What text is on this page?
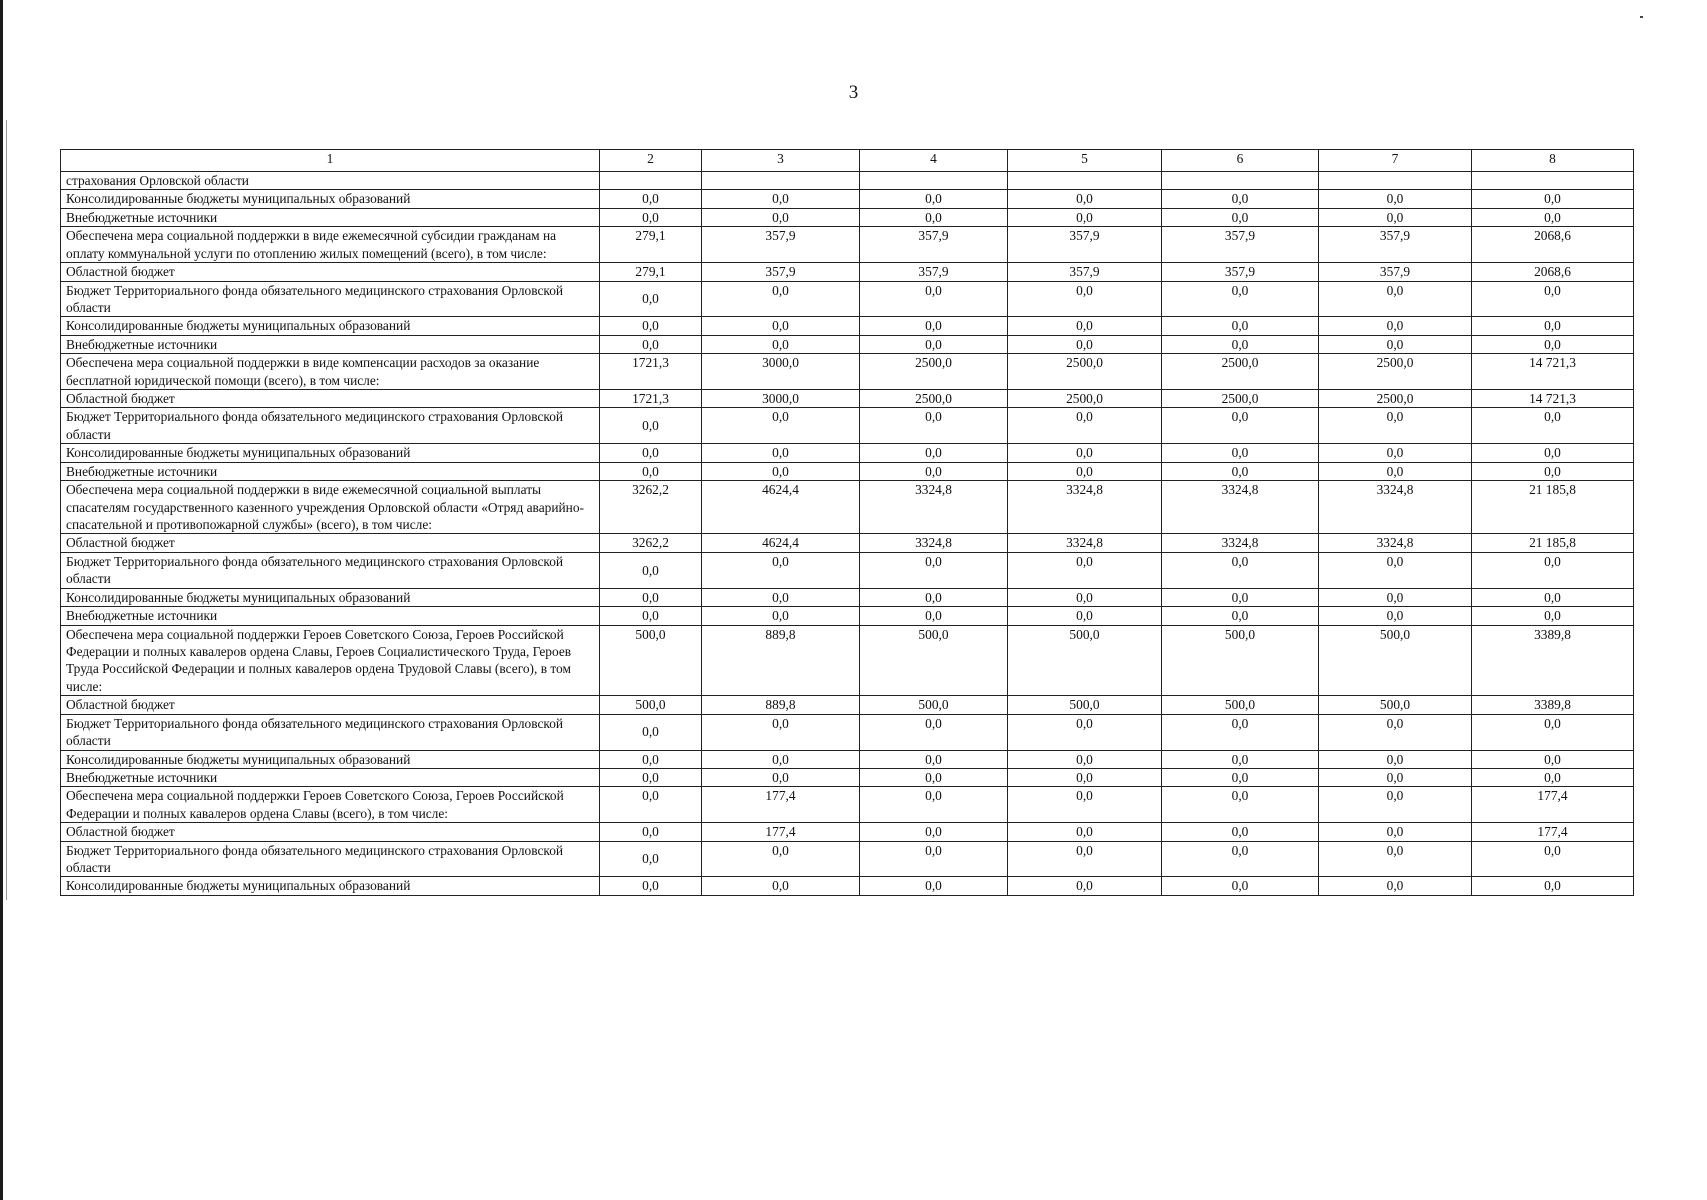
3
1	2	3	4	5	6	7	8
страхования Орловской области							
Консолидированные бюджеты муниципальных образований	0,0	0,0	0,0	0,0	0,0	0,0	0,0
Внебюджетные источники	0,0	0,0	0,0	0,0	0,0	0,0	0,0
Обеспечена мера социальной поддержки в виде ежемесячной субсидии гражданам на оплату коммунальной услуги по отоплению жилых помещений (всего), в том числе:	279,1	357,9	357,9	357,9	357,9	357,9	2068,6
Областной бюджет	279,1	357,9	357,9	357,9	357,9	357,9	2068,6
Бюджет Территориального фонда обязательного медицинского страхования Орловской области	0,0	0,0	0,0	0,0	0,0	0,0	0,0
Консолидированные бюджеты муниципальных образований	0,0	0,0	0,0	0,0	0,0	0,0	0,0
Внебюджетные источники	0,0	0,0	0,0	0,0	0,0	0,0	0,0
Обеспечена мера социальной поддержки в виде компенсации расходов за оказание бесплатной юридической помощи (всего), в том числе:	1721,3	3000,0	2500,0	2500,0	2500,0	2500,0	14 721,3
Областной бюджет	1721,3	3000,0	2500,0	2500,0	2500,0	2500,0	14 721,3
Бюджет Территориального фонда обязательного медицинского страхования Орловской области	0,0	0,0	0,0	0,0	0,0	0,0	0,0
Консолидированные бюджеты муниципальных образований	0,0	0,0	0,0	0,0	0,0	0,0	0,0
Внебюджетные источники	0,0	0,0	0,0	0,0	0,0	0,0	0,0
Обеспечена мера социальной поддержки в виде ежемесячной социальной выплаты спасателям государственного казенного учреждения Орловской области «Отряд аварийно-спасательной и противопожарной службы» (всего), в том числе:	3262,2	4624,4	3324,8	3324,8	3324,8	3324,8	21 185,8
Областной бюджет	3262,2	4624,4	3324,8	3324,8	3324,8	3324,8	21 185,8
Бюджет Территориального фонда обязательного медицинского страхования Орловской области	0,0	0,0	0,0	0,0	0,0	0,0	0,0
Консолидированные бюджеты муниципальных образований	0,0	0,0	0,0	0,0	0,0	0,0	0,0
Внебюджетные источники	0,0	0,0	0,0	0,0	0,0	0,0	0,0
Обеспечена мера социальной поддержки Героев Советского Союза, Героев Российской Федерации и полных кавалеров ордена Славы, Героев Социалистического Труда, Героев Труда Российской Федерации и полных кавалеров ордена Трудовой Славы (всего), в том числе:	500,0	889,8	500,0	500,0	500,0	500,0	3389,8
Областной бюджет	500,0	889,8	500,0	500,0	500,0	500,0	3389,8
Бюджет Территориального фонда обязательного медицинского страхования Орловской области	0,0	0,0	0,0	0,0	0,0	0,0	0,0
Консолидированные бюджеты муниципальных образований	0,0	0,0	0,0	0,0	0,0	0,0	0,0
Внебюджетные источники	0,0	0,0	0,0	0,0	0,0	0,0	0,0
Обеспечена мера социальной поддержки Героев Советского Союза, Героев Российской Федерации и полных кавалеров ордена Славы (всего), в том числе:	0,0	177,4	0,0	0,0	0,0	0,0	177,4
Областной бюджет	0,0	177,4	0,0	0,0	0,0	0,0	177,4
Бюджет Территориального фонда обязательного медицинского страхования Орловской области	0,0	0,0	0,0	0,0	0,0	0,0	0,0
Консолидированные бюджеты муниципальных образований	0,0	0,0	0,0	0,0	0,0	0,0	0,0
